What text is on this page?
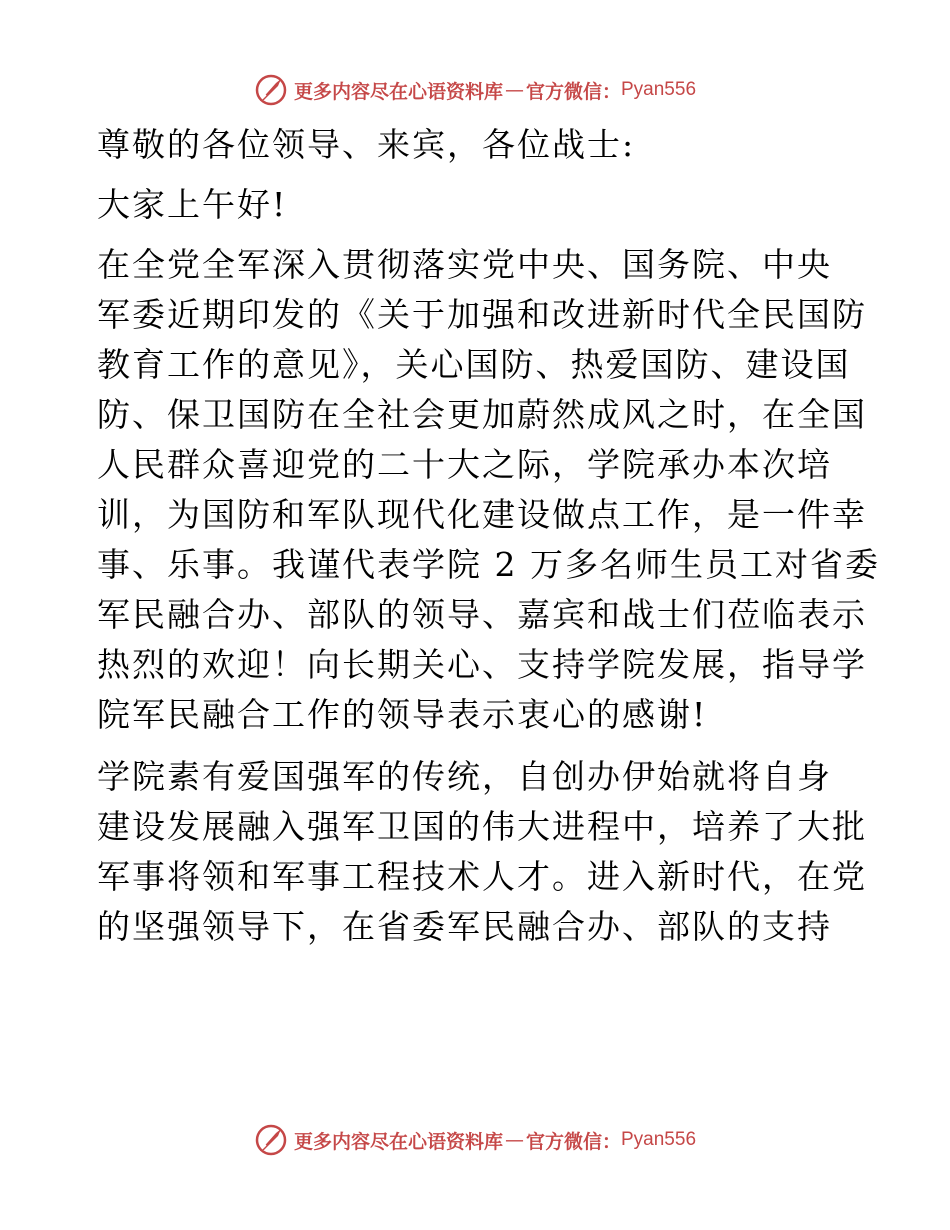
更多内容尽在心语资料库 — 官方微信： Pyan556
尊敬的各位领导、来宾，各位战士:
大家上午好!
在全党全军深入贯彻落实党中央、国务院、中央
军委近期印发的《关于加强和改进新时代全民国防
教育工作的意见》，关心国防、热爱国防、建设国
防、保卫国防在全社会更加蔚然成风之时，在全国
人民群众喜迎党的二十大之际，学院承办本次培
训，为国防和军队现代化建设做点工作，是一件幸
事、乐事。我谨代表学院 2 万多名师生员工对省委
军民融合办、部队的领导、嘉宾和战士们莅临表示
热烈的欢迎！向长期关心、支持学院发展，指导学
院军民融合工作的领导表示衷心的感谢!
学院素有爱国强军的传统，自创办伊始就将自身
建设发展融入强军卫国的伟大进程中，培养了大批
军事将领和军事工程技术人才。进入新时代，在党
的坚强领导下，在省委军民融合办、部队的支持
更多内容尽在心语资料库 — 官方微信： Pyan556
